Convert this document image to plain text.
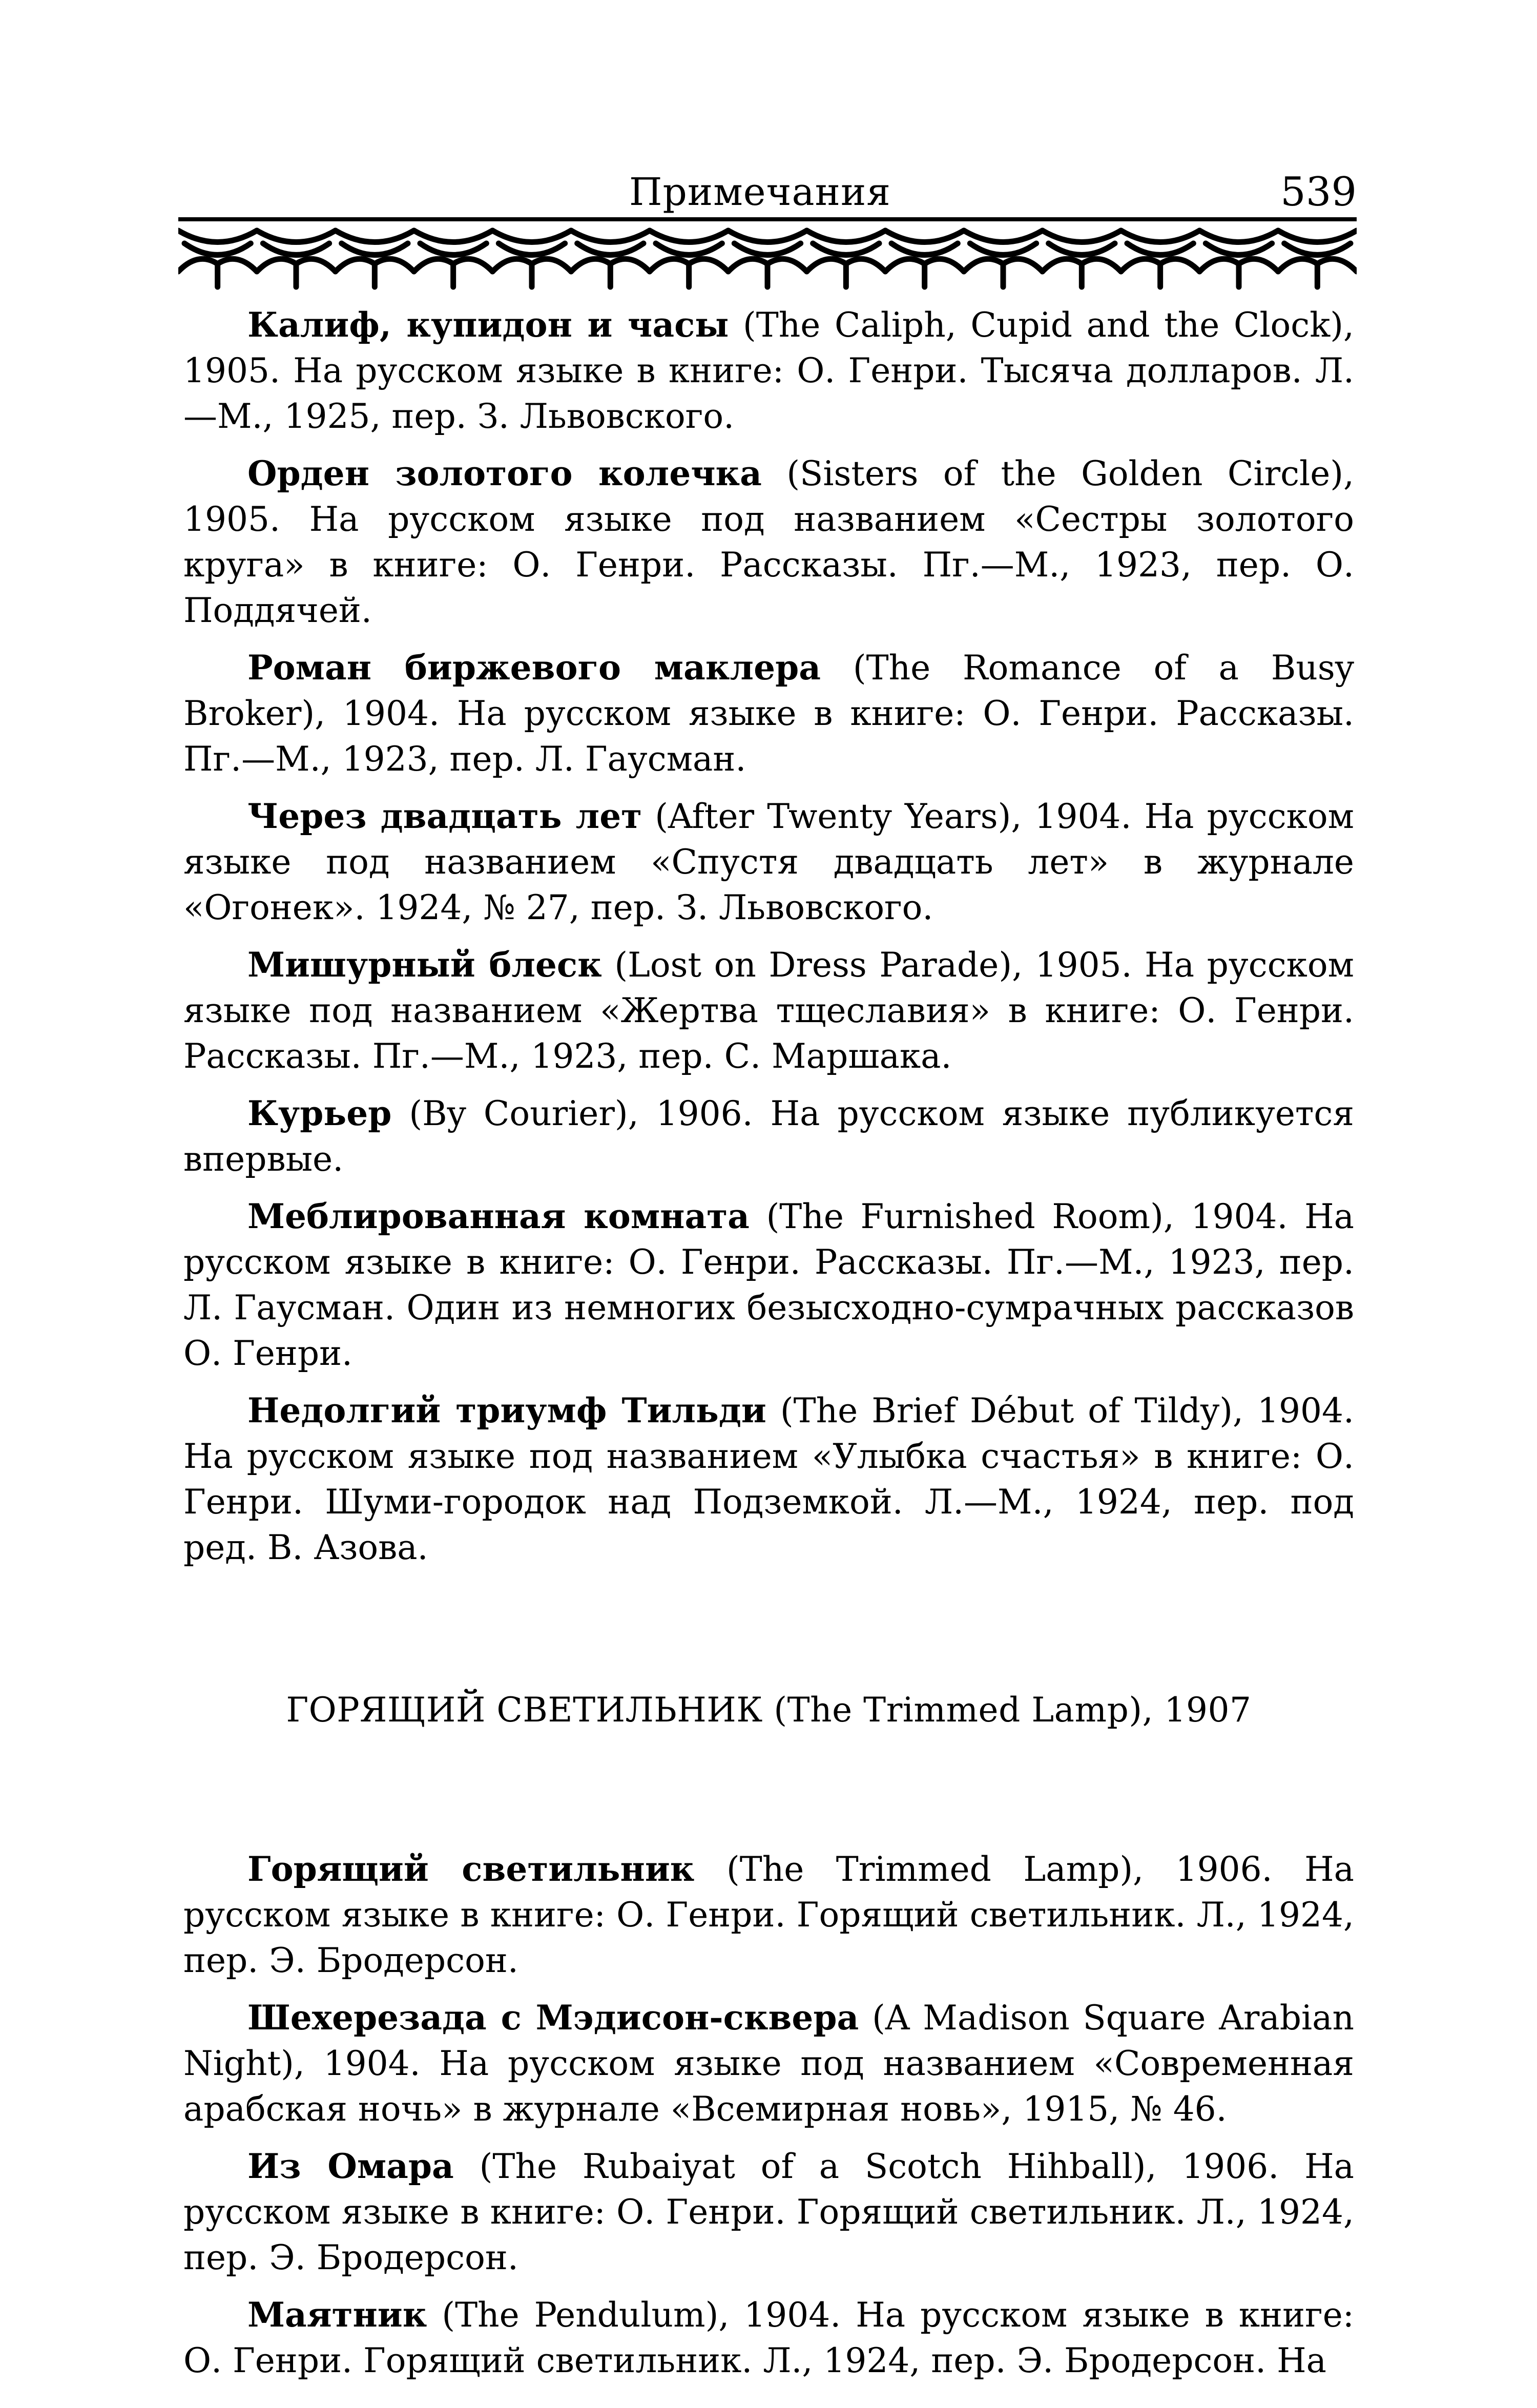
Примечания	539

Калиф, купидон и часы (The Caliph, Cupid and the Clock), 1905. На русском языке в книге: О. Генри. Тысяча долларов. Л.—М., 1925, пер. З. Львовского.

Орден золотого колечка (Sisters of the Golden Circle), 1905. На русском языке под названием «Сестры золотого круга» в книге: О. Генри. Рассказы. Пг.—М., 1923, пер. О. Поддячей.

Роман биржевого маклера (The Romance of a Busy Broker), 1904. На русском языке в книге: О. Генри. Рассказы. Пг.—М., 1923, пер. Л. Гаусман.

Через двадцать лет (After Twenty Years), 1904. На русском языке под названием «Спустя двадцать лет» в журнале «Огонек». 1924, № 27, пер. З. Львовского.

Мишурный блеск (Lost on Dress Parade), 1905. На русском языке под названием «Жертва тщеславия» в книге: О. Генри. Рассказы. Пг.—М., 1923, пер. С. Маршака.

Курьер (By Courier), 1906. На русском языке публикуется впервые.

Меблированная комната (The Furnished Room), 1904. На русском языке в книге: О. Генри. Рассказы. Пг.—М., 1923, пер. Л. Гаусман. Один из немногих безысходно-сумрачных рассказов О. Генри.

Недолгий триумф Тильди (The Brief Début of Tildy), 1904. На русском языке под названием «Улыбка счастья» в книге: О. Генри. Шуми-городок над Подземкой. Л.—М., 1924, пер. под ред. В. Азова.

ГОРЯЩИЙ СВЕТИЛЬНИК (The Trimmed Lamp), 1907

Горящий светильник (The Trimmed Lamp), 1906. На русском языке в книге: О. Генри. Горящий светильник. Л., 1924, пер. Э. Бродерсон.

Шехерезада с Мэдисон-сквера (A Madison Square Arabian Night), 1904. На русском языке под названием «Современная арабская ночь» в журнале «Всемирная новь», 1915, № 46.

Из Омара (The Rubaiyat of a Scotch Hihball), 1906. На русском языке в книге: О. Генри. Горящий светильник. Л., 1924, пер. Э. Бродерсон.

Маятник (The Pendulum), 1904. На русском языке в книге: О. Генри. Горящий светильник. Л., 1924, пер. Э. Бродерсон. На
